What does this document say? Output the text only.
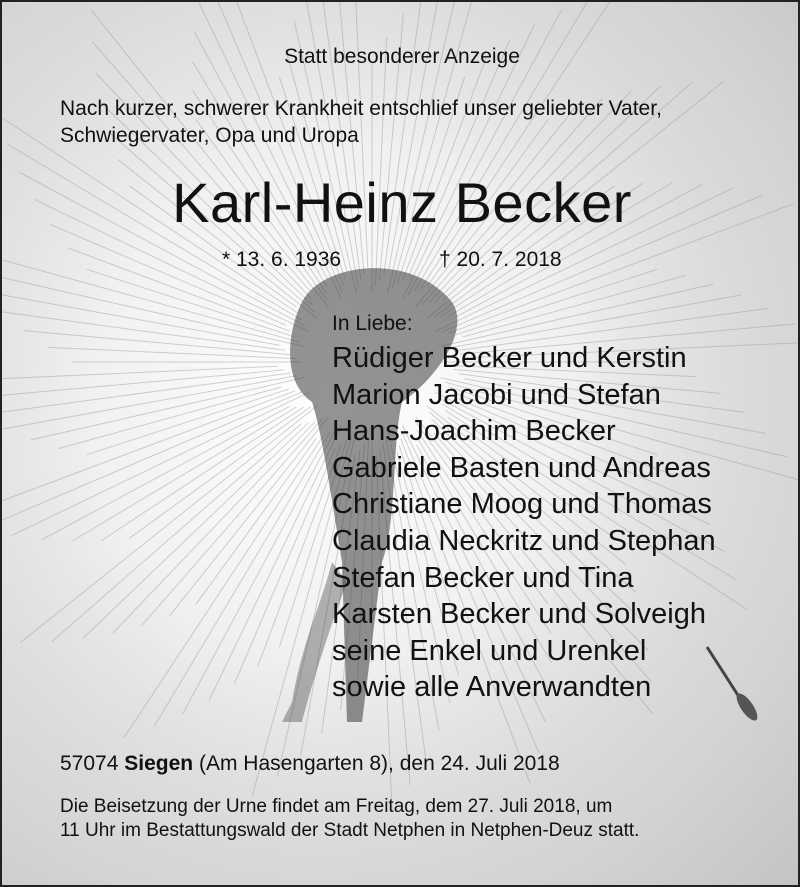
Statt besonderer Anzeige
Nach kurzer, schwerer Krankheit entschlief unser geliebter Vater,
Schwiegervater, Opa und Uropa
Karl-Heinz Becker
* 13. 6. 1936	† 20. 7. 2018
In Liebe:
Rüdiger Becker und Kerstin
Marion Jacobi und Stefan
Hans-Joachim Becker
Gabriele Basten und Andreas
Christiane Moog und Thomas
Claudia Neckritz und Stephan
Stefan Becker und Tina
Karsten Becker und Solveigh
seine Enkel und Urenkel
sowie alle Anverwandten
57074 Siegen (Am Hasengarten 8), den 24. Juli 2018
Die Beisetzung der Urne findet am Freitag, dem 27. Juli 2018, um
11 Uhr im Bestattungswald der Stadt Netphen in Netphen-Deuz statt.
